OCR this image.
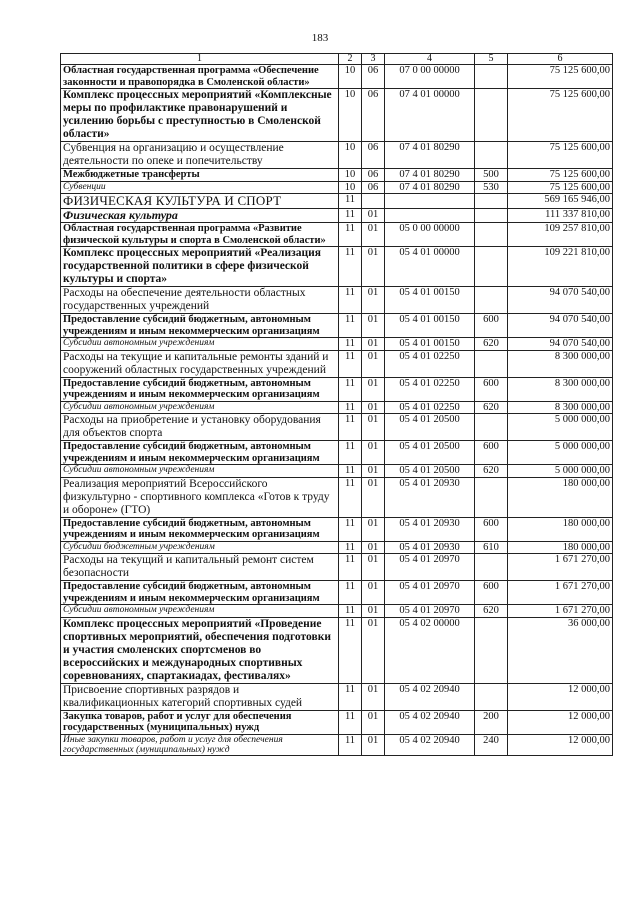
183
1	2	3	4	5	6
Областная государственная программа «Обеспечение законности и правопорядка в Смоленской области»	10	06	07 0 00 00000		75 125 600,00
Комплекс процессных мероприятий «Комплексные меры по профилактике правонарушений и усилению борьбы с преступностью в Смоленской области»	10	06	07 4 01 00000		75 125 600,00
Субвенция на организацию и осуществление деятельности по опеке и попечительству	10	06	07 4 01 80290		75 125 600,00
Межбюджетные трансферты	10	06	07 4 01 80290	500	75 125 600,00
Субвенции	10	06	07 4 01 80290	530	75 125 600,00
ФИЗИЧЕСКАЯ КУЛЬТУРА И СПОРТ	11				569 165 946,00
Физическая культура	11	01			111 337 810,00
Областная государственная программа «Развитие физической культуры и спорта в Смоленской области»	11	01	05 0 00 00000		109 257 810,00
Комплекс процессных мероприятий «Реализация государственной политики в сфере физической культуры и спорта»	11	01	05 4 01 00000		109 221 810,00
Расходы на обеспечение деятельности областных государственных учреждений	11	01	05 4 01 00150		94 070 540,00
Предоставление субсидий бюджетным, автономным учреждениям и иным некоммерческим организациям	11	01	05 4 01 00150	600	94 070 540,00
Субсидии автономным учреждениям	11	01	05 4 01 00150	620	94 070 540,00
Расходы на текущие и капитальные ремонты зданий и сооружений областных государственных учреждений	11	01	05 4 01 02250		8 300 000,00
Предоставление субсидий бюджетным, автономным учреждениям и иным некоммерческим организациям	11	01	05 4 01 02250	600	8 300 000,00
Субсидии автономным учреждениям	11	01	05 4 01 02250	620	8 300 000,00
Расходы на приобретение и установку оборудования для объектов спорта	11	01	05 4 01 20500		5 000 000,00
Предоставление субсидий бюджетным, автономным учреждениям и иным некоммерческим организациям	11	01	05 4 01 20500	600	5 000 000,00
Субсидии автономным учреждениям	11	01	05 4 01 20500	620	5 000 000,00
Реализация мероприятий Всероссийского физкультурно - спортивного комплекса «Готов к труду и обороне» (ГТО)	11	01	05 4 01 20930		180 000,00
Предоставление субсидий бюджетным, автономным учреждениям и иным некоммерческим организациям	11	01	05 4 01 20930	600	180 000,00
Субсидии бюджетным учреждениям	11	01	05 4 01 20930	610	180 000,00
Расходы на текущий и капитальный ремонт систем безопасности	11	01	05 4 01 20970		1 671 270,00
Предоставление субсидий бюджетным, автономным учреждениям и иным некоммерческим организациям	11	01	05 4 01 20970	600	1 671 270,00
Субсидии автономным учреждениям	11	01	05 4 01 20970	620	1 671 270,00
Комплекс процессных мероприятий «Проведение спортивных мероприятий, обеспечения подготовки и участия смоленских спортсменов во всероссийских и международных спортивных соревнованиях, спартакиадах, фестивалях»	11	01	05 4 02 00000		36 000,00
Присвоение спортивных разрядов и квалификационных категорий спортивных судей	11	01	05 4 02 20940		12 000,00
Закупка товаров, работ и услуг для обеспечения государственных (муниципальных) нужд	11	01	05 4 02 20940	200	12 000,00
Иные закупки товаров, работ и услуг для обеспечения государственных (муниципальных) нужд	11	01	05 4 02 20940	240	12 000,00
